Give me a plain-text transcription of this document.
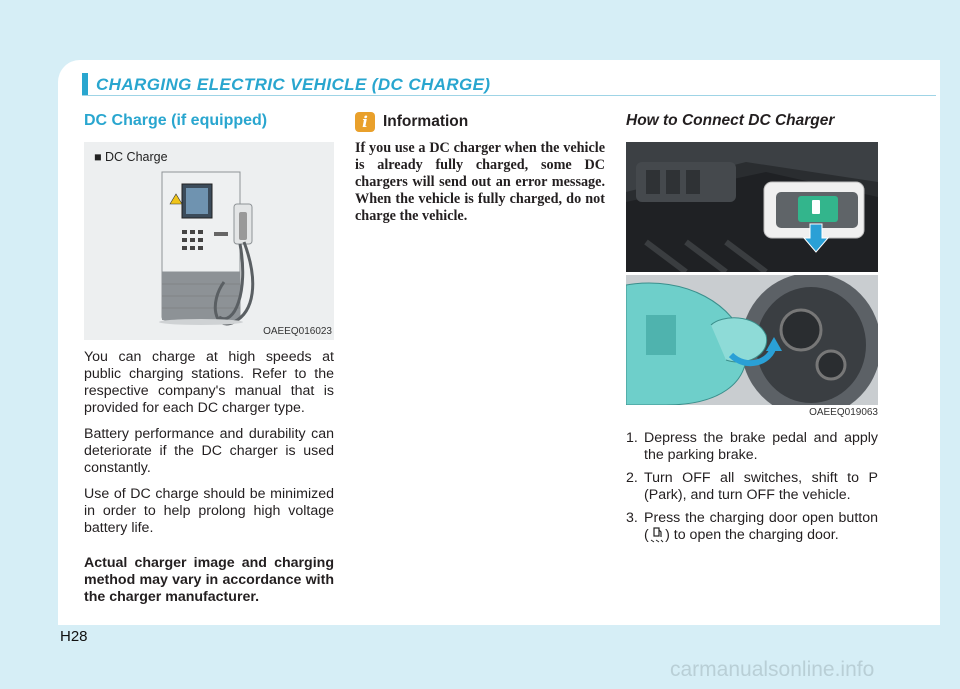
CHARGING ELECTRIC VEHICLE (DC CHARGE)
DC Charge (if equipped)
■ DC Charge
OAEEQ016023

You can charge at high speeds at public charging stations. Refer to the respective company's manual that is provided for each DC charger type.

Battery performance and durability can deteriorate if the DC charger is used constantly.

Use of DC charge should be minimized in order to help prolong high voltage battery life.

Actual charger image and charging method may vary in accordance with the charger manufacturer.

i Information

If you use a DC charger when the vehicle is already fully charged, some DC chargers will send out an error message. When the vehicle is fully charged, do not charge the vehicle.

How to Connect DC Charger
OAEEQ019063
1. Depress the brake pedal and apply the parking brake.
2. Turn OFF all switches, shift to P (Park), and turn OFF the vehicle.
3. Press the charging door open button (   ) to open the charging door.
H28
carmanualsonline.info
